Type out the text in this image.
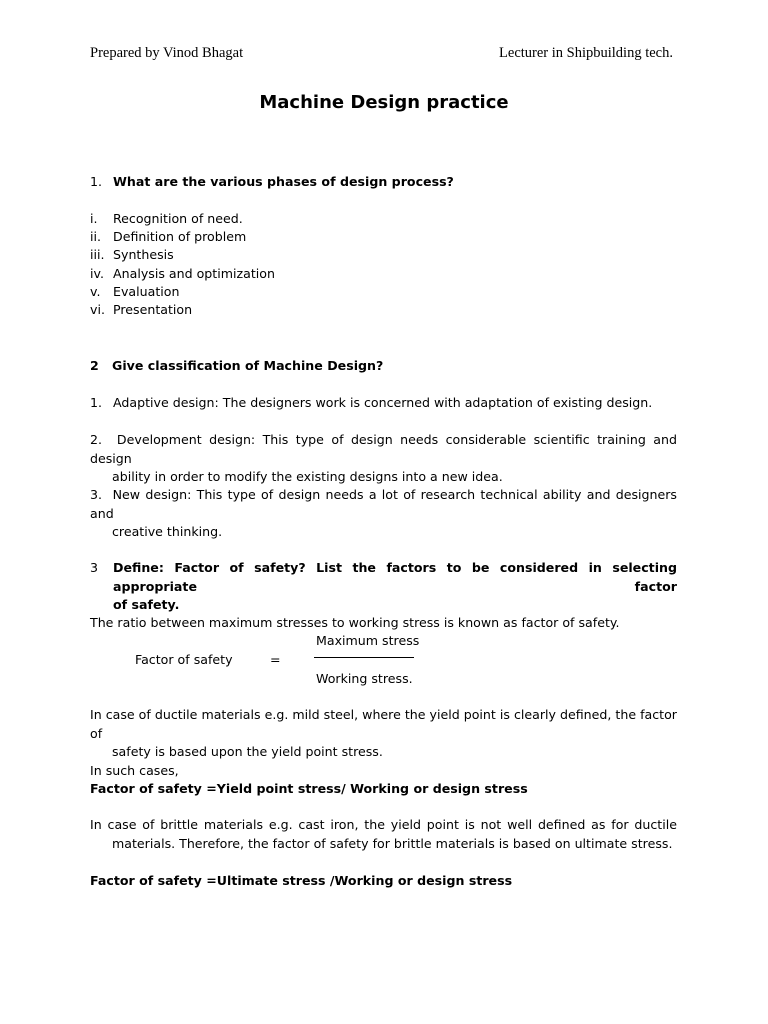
Prepared by Vinod Bhagat	Lecturer in Shipbuilding tech.
Machine Design practice
1. What are the various phases of design process?
i. Recognition of need.
ii. Definition of problem
iii. Synthesis
iv. Analysis and optimization
v. Evaluation
vi. Presentation
2 Give classification of Machine Design?
1. Adaptive design: The designers work is concerned with adaptation of existing design.
2. Development design: This type of design needs considerable scientific training and design
ability in order to modify the existing designs into a new idea.
3. New design: This type of design needs a lot of research technical ability and designers and
creative thinking.
3 Define: Factor of safety? List the factors to be considered in selecting appropriate factor
of safety.
The ratio between maximum stresses to working stress is known as factor of safety.
Maximum stress
Factor of safety	=
Working stress.
In case of ductile materials e.g. mild steel, where the yield point is clearly defined, the factor of
safety is based upon the yield point stress.
In such cases,
Factor of safety =Yield point stress/ Working or design stress
In case of brittle materials e.g. cast iron, the yield point is not well defined as for ductile
materials. Therefore, the factor of safety for brittle materials is based on ultimate stress.
Factor of safety =Ultimate stress /Working or design stress
